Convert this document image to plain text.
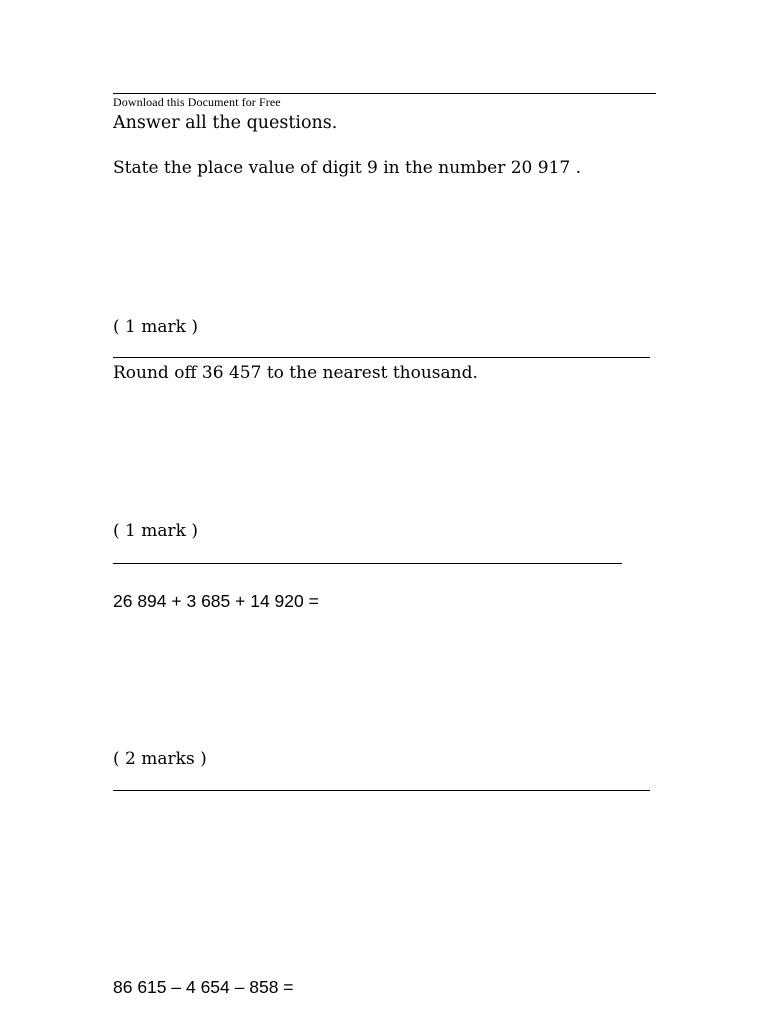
Download this Document for Free
Answer all the questions.
State the place value of digit 9 in the number 20 917 .
( 1 mark )
Round off 36 457 to the nearest thousand.
( 1 mark )
26 894 + 3 685 + 14 920 =
( 2 marks )
86 615 – 4 654 – 858 =
